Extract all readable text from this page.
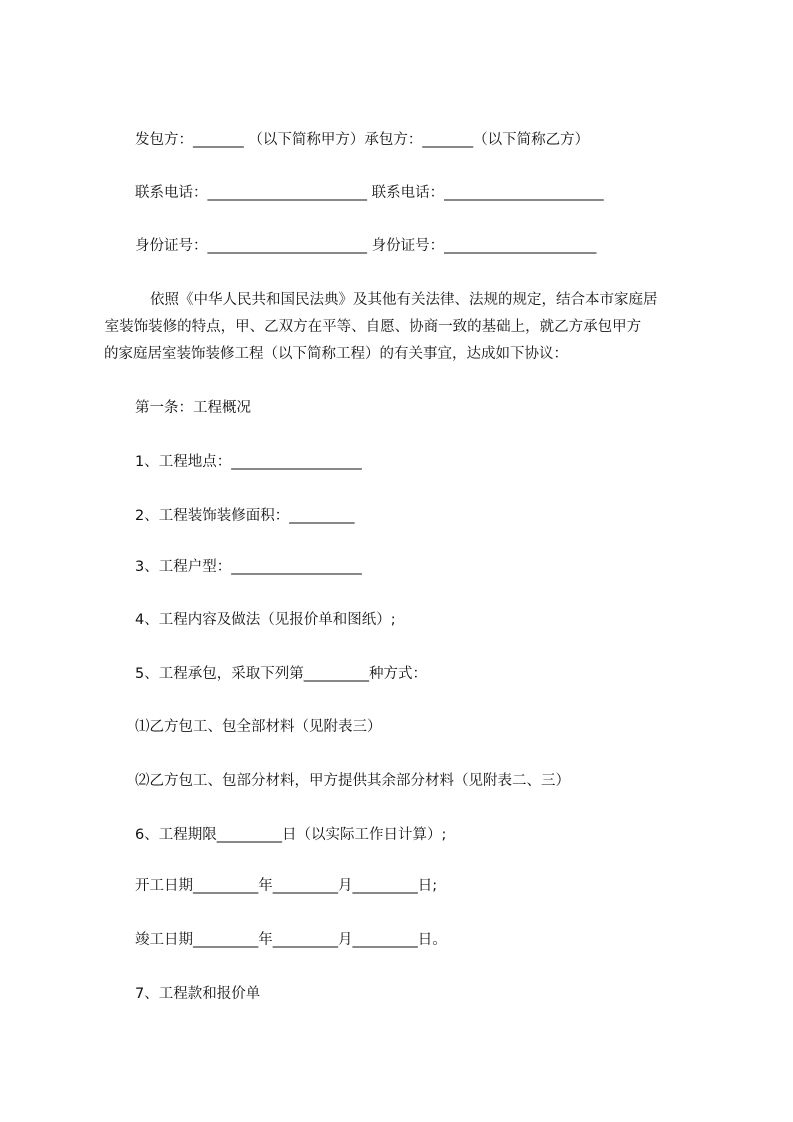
发包方：_______ （以下简称甲方）承包方：_______（以下简称乙方）
联系电话：______________________ 联系电话：______________________
身份证号：______________________ 身份证号：_____________________
依照《中华人民共和国民法典》及其他有关法律、法规的规定，结合本市家庭居
室装饰装修的特点，甲、乙双方在平等、自愿、协商一致的基础上，就乙方承包甲方
的家庭居室装饰装修工程（以下简称工程）的有关事宜，达成如下协议：
第一条：工程概况
1、工程地点：__________________
2、工程装饰装修面积：_________
3、工程户型：__________________
4、工程内容及做法（见报价单和图纸）;
5、工程承包，采取下列第_________种方式：
⑴乙方包工、包全部材料（见附表三）
⑵乙方包工、包部分材料，甲方提供其余部分材料（见附表二、三）
6、工程期限_________日（以实际工作日计算）;
开工日期_________年_________月_________日;
竣工日期_________年_________月_________日。
7、工程款和报价单
